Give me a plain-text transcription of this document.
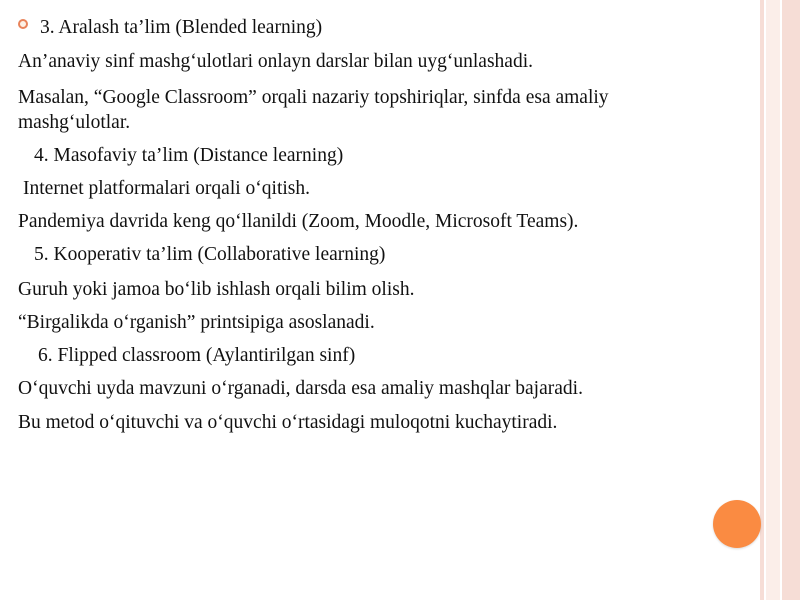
3. Aralash ta’lim (Blended learning)
An’anaviy sinf mashg‘ulotlari onlayn darslar bilan uyg‘unlashadi.
Masalan, “Google Classroom” orqali nazariy topshiriqlar, sinfda esa amaliy
mashg‘ulotlar.
4. Masofaviy ta’lim (Distance learning)
Internet platformalari orqali o‘qitish.
Pandemiya davrida keng qo‘llanildi (Zoom, Moodle, Microsoft Teams).
5. Kooperativ ta’lim (Collaborative learning)
Guruh yoki jamoa bo‘lib ishlash orqali bilim olish.
“Birgalikda o‘rganish” printsipiga asoslanadi.
6. Flipped classroom (Aylantirilgan sinf)
O‘quvchi uyda mavzuni o‘rganadi, darsda esa amaliy mashqlar bajaradi.
Bu metod o‘qituvchi va o‘quvchi o‘rtasidagi muloqotni kuchaytiradi.
